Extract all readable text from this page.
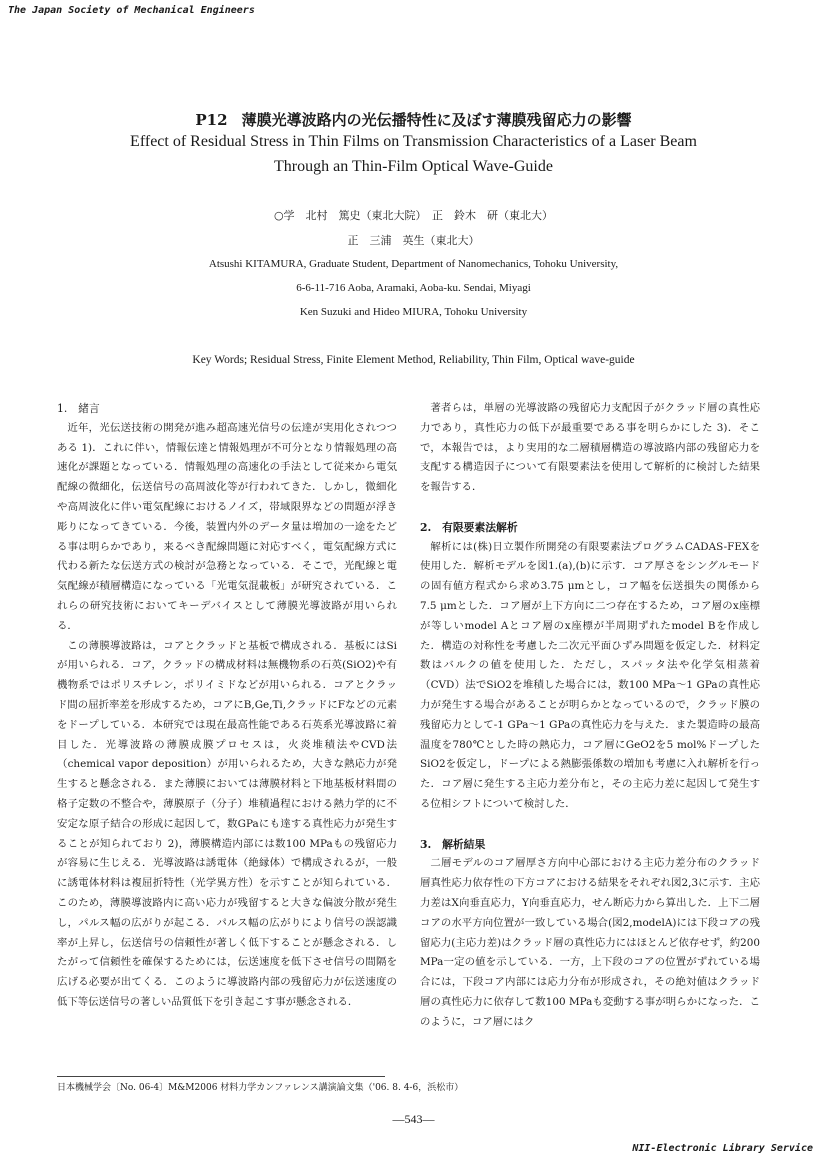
The Japan Society of Mechanical Engineers
P12 薄膜光導波路内の光伝播特性に及ぼす薄膜残留応力の影響
Effect of Residual Stress in Thin Films on Transmission Characteristics of a Laser Beam
Through an Thin-Film Optical Wave-Guide
○学　北村　篤史（東北大院）　正　鈴木　研（東北大）
正　三浦　英生（東北大）
Atsushi KITAMURA, Graduate Student, Department of Nanomechanics, Tohoku University,
6-6-11-716 Aoba, Aramaki, Aoba-ku. Sendai, Miyagi
Ken Suzuki and Hideo MIURA, Tohoku University
Key Words; Residual Stress, Finite Element Method, Reliability, Thin Film, Optical wave-guide
1.　緒言

近年，光伝送技術の開発が進み超高速光信号の伝達が実用化されつつある 1)．これに伴い，情報伝達と情報処理が不可分となり情報処理の高速化が課題となっている．情報処理の高速化の手法として従来から電気配線の微細化，伝送信号の高周波化等が行われてきた．しかし，微細化や高周波化に伴い電気配線におけるノイズ，帯域限界などの問題が浮き彫りになってきている．今後，装置内外のデータ量は増加の一途をたどる事は明らかであり，来るべき配線問題に対応すべく，電気配線方式に代わる新たな伝送方式の検討が急務となっている．そこで，光配線と電気配線が積層構造になっている「光電気混載板」が研究されている．これらの研究技術においてキーデバイスとして薄膜光導波路が用いられる．

この薄膜導波路は，コアとクラッドと基板で構成される．基板にはSiが用いられる．コア，クラッドの構成材料は無機物系の石英(SiO2)や有機物系ではポリスチレン，ポリイミドなどが用いられる．コアとクラッド間の屈折率差を形成するため，コアにB,Ge,Ti,クラッドにFなどの元素をドープしている．本研究では現在最高性能である石英系光導波路に着目した．光導波路の薄膜成膜プロセスは，火炎堆積法やCVD法（chemical vapor deposition）が用いられるため，大きな熱応力が発生すると懸念される．また薄膜においては薄膜材料と下地基板材料間の格子定数の不整合や，薄膜原子（分子）堆積過程における熱力学的に不安定な原子結合の形成に起因して，数GPaにも達する真性応力が発生することが知られており 2)，薄膜構造内部には数100 MPaもの残留応力が容易に生じえる．光導波路は誘電体（絶縁体）で構成されるが，一般に誘電体材料は複屈折特性（光学異方性）を示すことが知られている．このため，薄膜導波路内に高い応力が残留すると大きな偏波分散が発生し，パルス幅の広がりが起こる．パルス幅の広がりにより信号の誤認識率が上昇し，伝送信号の信頼性が著しく低下することが懸念される．したがって信頼性を確保するためには，伝送速度を低下させ信号の間隔を広げる必要が出てくる．このように導波路内部の残留応力が伝送速度の低下等伝送信号の著しい品質低下を引き起こす事が懸念される．

著者らは，単層の光導波路の残留応力支配因子がクラッド層の真性応力であり，真性応力の低下が最重要である事を明らかにした 3)．そこで，本報告では，より実用的な二層積層構造の導波路内部の残留応力を支配する構造因子について有限要素法を使用して解析的に検討した結果を報告する．

2.　有限要素法解析

解析には(株)日立製作所開発の有限要素法プログラムCADAS-FEXを使用した．解析モデルを図1.(a),(b)に示す．コア厚さをシングルモードの固有値方程式から求め3.75 μmとし，コア幅を伝送損失の関係から7.5 μmとした．コア層が上下方向に二つ存在するため，コア層のx座標が等しいmodel Aとコア層のx座標が半周期ずれたmodel Bを作成した．構造の対称性を考慮した二次元平面ひずみ問題を仮定した．材料定数はバルクの値を使用した．ただし，スパッタ法や化学気相蒸着（CVD）法でSiO2を堆積した場合には，数100 MPa〜1 GPaの真性応力が発生する場合があることが明らかとなっているので，クラッド膜の残留応力として-1 GPa〜1 GPaの真性応力を与えた．また製造時の最高温度を780℃とした時の熱応力，コア層にGeO2を5 mol%ドープしたSiO2を仮定し，ドープによる熱膨張係数の増加も考慮に入れ解析を行った．コア層に発生する主応力差分布と，その主応力差に起因して発生する位相シフトについて検討した．

3.　解析結果

二層モデルのコア層厚さ方向中心部における主応力差分布のクラッド層真性応力依存性の下方コアにおける結果をそれぞれ図2,3に示す．主応力差はX向垂直応力，Y向垂直応力，せん断応力から算出した．上下二層コアの水平方向位置が一致している場合(図2,modelA)には下段コアの残留応力(主応力差)はクラッド層の真性応力にはほとんど依存せず，約200 MPa一定の値を示している．一方，上下段のコアの位置がずれている場合には，下段コア内部には応力分布が形成され，その絶対値はクラッド層の真性応力に依存して数100 MPaも変動する事が明らかになった．このように，コア層にはク

日本機械学会〔No. 06-4〕M&M2006 材料力学カンファレンス講演論文集（'06. 8. 4-6，浜松市）
—543—
NII-Electronic Library Service
